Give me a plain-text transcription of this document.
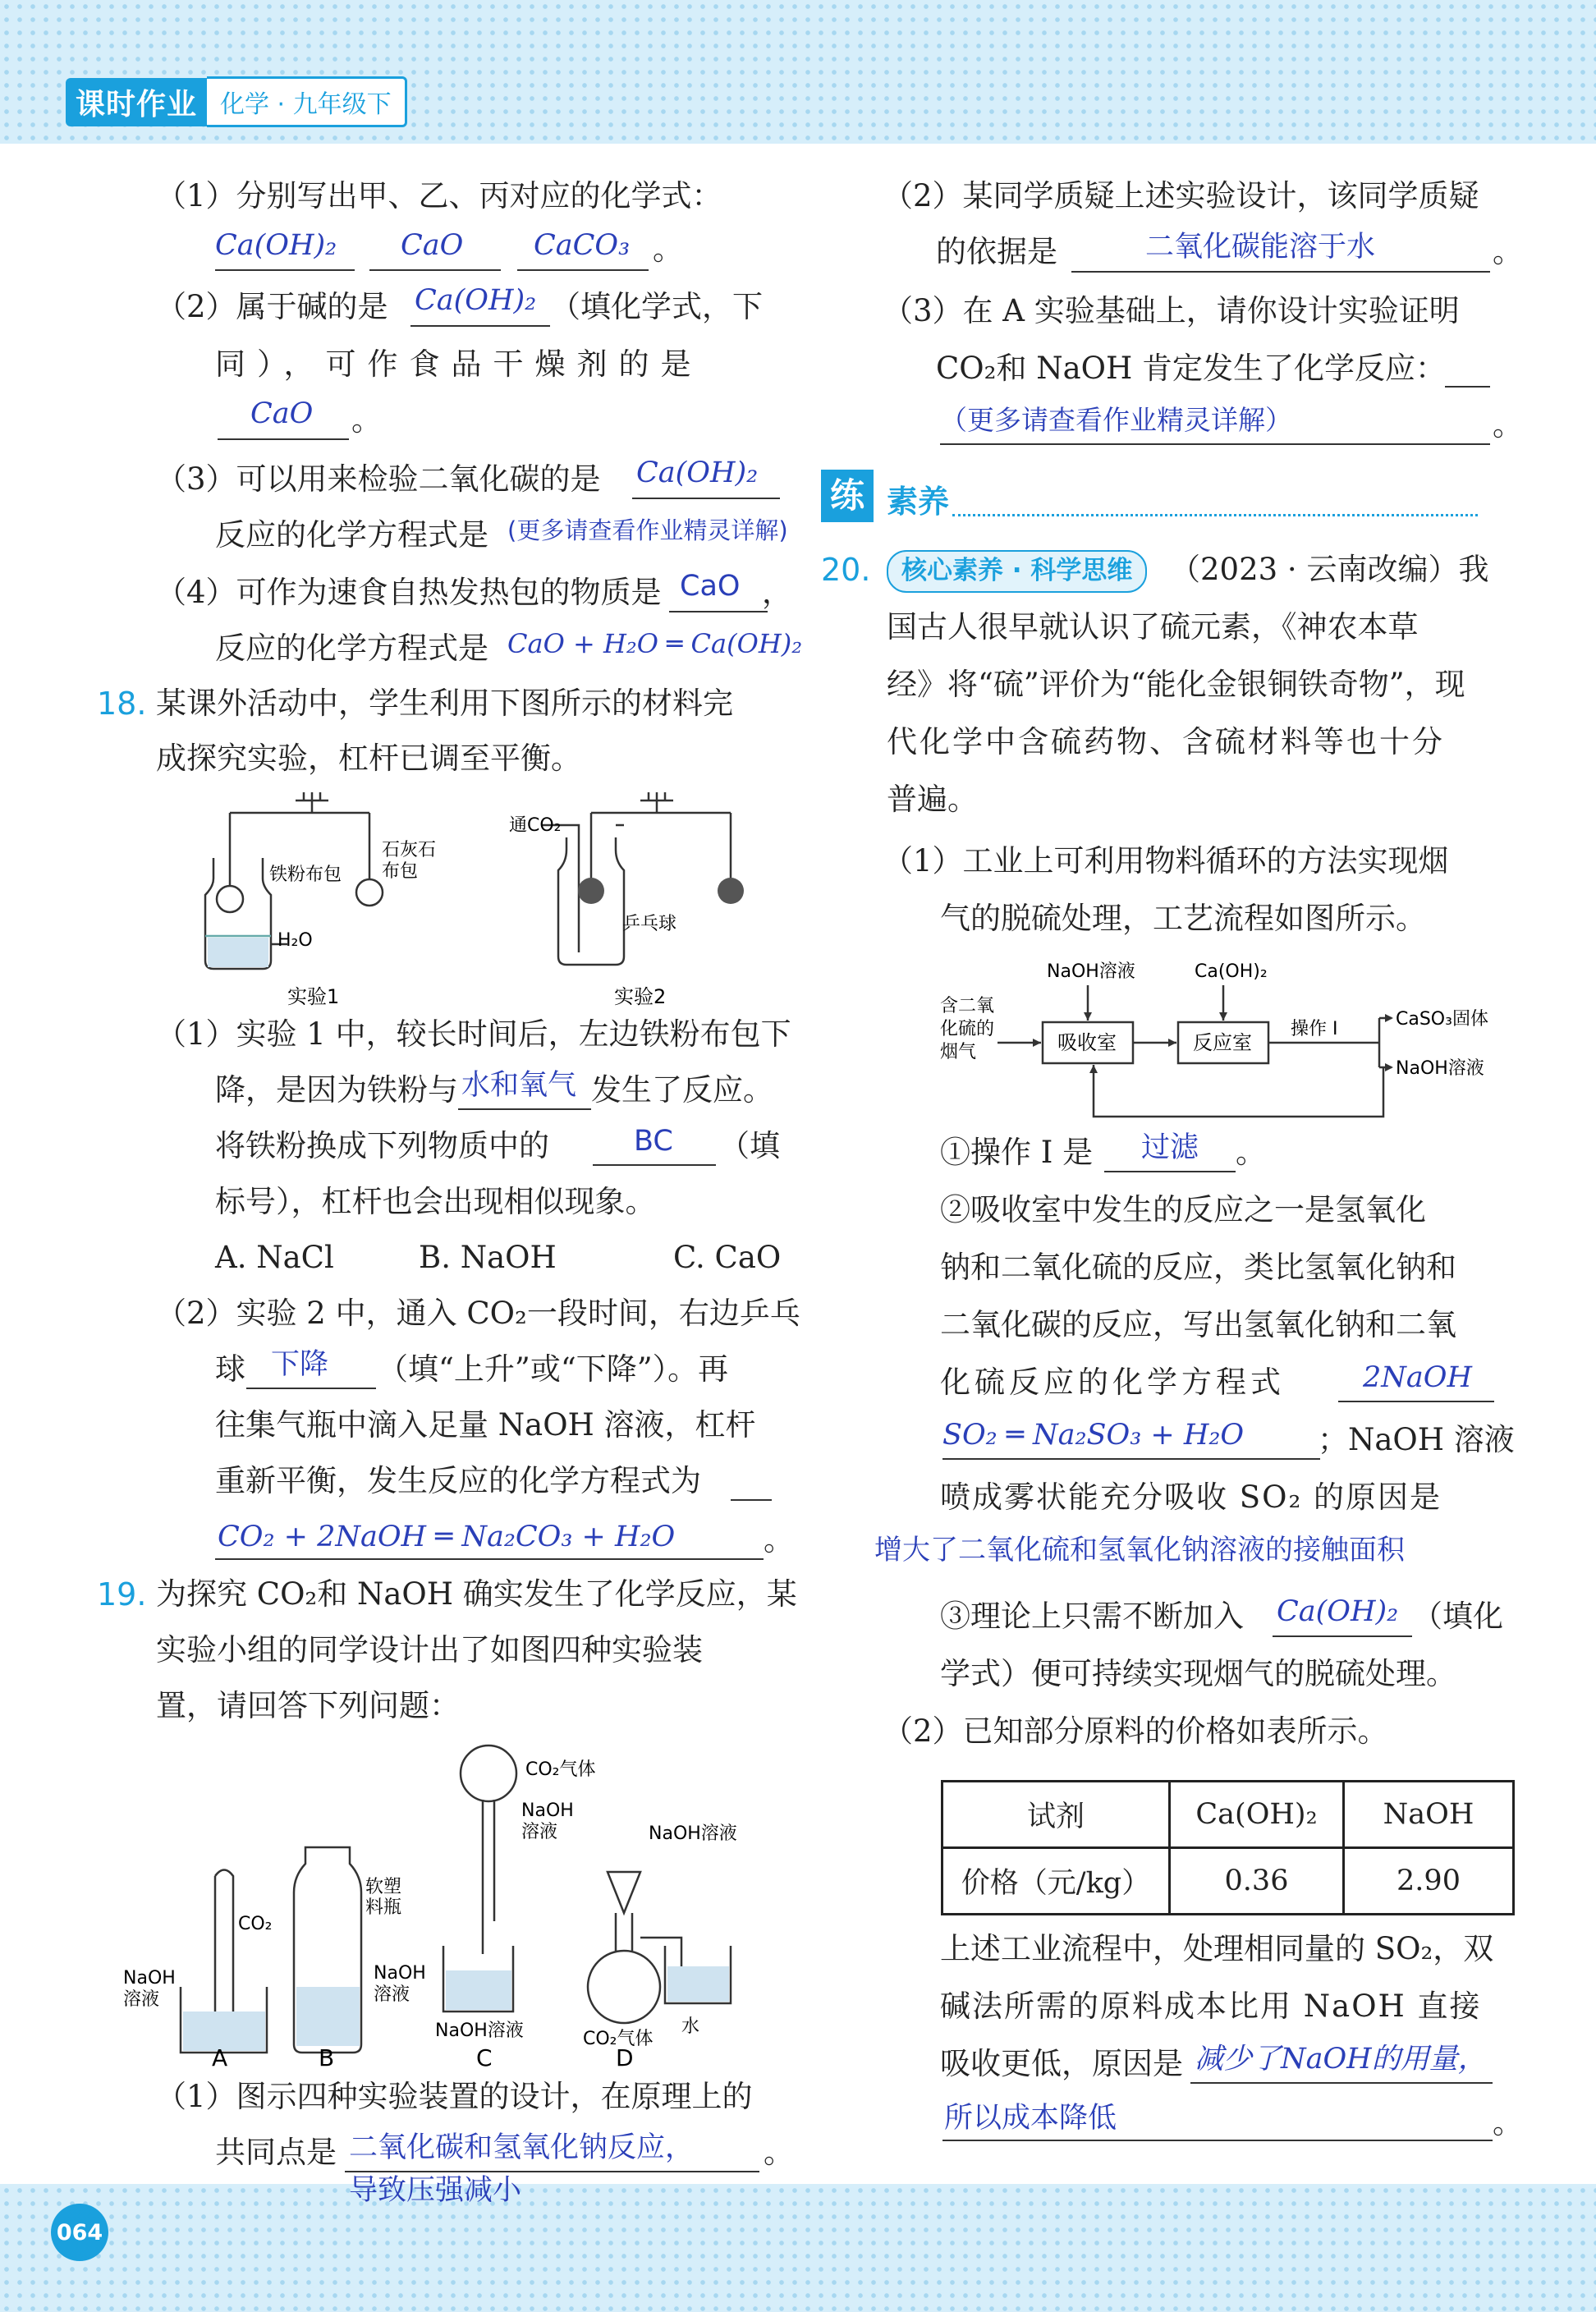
课时作业 化学 · 九年级下
064
（1）分别写出甲、乙、丙对应的化学式：
Ca(OH)₂ CaO CaCO₃ 。
（2）属于碱的是 Ca(OH)₂ （填化学式，下
同），可作食品干燥剂的是
CaO 。
（3）可以用来检验二氧化碳的是 Ca(OH)₂
反应的化学方程式是 (更多请查看作业精灵详解)
（4）可作为速食自热发热包的物质是 CaO ，
反应的化学方程式是 CaO + H₂O ═ Ca(OH)₂
18. 某课外活动中，学生利用下图所示的材料完
成探究实验，杠杆已调至平衡。
铁粉布包
石灰石
布包
H₂O
通CO₂
乒乓球
实验1	实验2
（1）实验 1 中，较长时间后，左边铁粉布包下
降，是因为铁粉与 水和氧气 发生了反应。
将铁粉换成下列物质中的	BC （填
标号），杠杆也会出现相似现象。
A. NaCl	B. NaOH	C. CaO
（2）实验 2 中，通入 CO₂一段时间，右边乒乓
球 下降 （填“上升”或“下降”）。再
往集气瓶中滴入足量 NaOH 溶液，杠杆
重新平衡，发生反应的化学方程式为
CO₂ + 2NaOH ═ Na₂CO₃ + H₂O	。
19. 为探究 CO₂和 NaOH 确实发生了化学反应，某
实验小组的同学设计出了如图四种实验装
置，请回答下列问题：
NaOH
溶液
CO₂
软塑
料瓶
NaOH
溶液
CO₂气体
NaOH
溶液
NaOH溶液
NaOH溶液
CO₂气体
水
A	B	C	D
（1）图示四种实验装置的设计，在原理上的
共同点是 二氧化碳和氢氧化钠反应， 。
导致压强减小
（2）某同学质疑上述实验设计，该同学质疑
的依据是	二氧化碳能溶于水	。
（3）在 A 实验基础上，请你设计实验证明
CO₂和 NaOH 肯定发生了化学反应：
（更多请查看作业精灵详解）	。
练 素养
20.	核心素养 · 科学思维	（2023 · 云南改编）我
国古人很早就认识了硫元素，《神农本草
经》将“硫”评价为“能化金银铜铁奇物”，现
代化学中含硫药物、含硫材料等也十分
普遍。
（1）工业上可利用物料循环的方法实现烟
气的脱硫处理，工艺流程如图所示。
NaOH溶液	Ca(OH)₂
含二氧
化硫的
烟气	吸收室	反应室
操作 I	CaSO₃固体
NaOH溶液
①操作 I 是 过滤 。
②吸收室中发生的反应之一是氢氧化
钠和二氧化硫的反应，类比氢氧化钠和
二氧化碳的反应，写出氢氧化钠和二氧
化硫反应的化学方程式	2NaOH
SO₂ ═ Na₂SO₃ + H₂O ；NaOH 溶液
喷成雾状能充分吸收 SO₂ 的原因是
增大了二氧化硫和氢氧化钠溶液的接触面积
③理论上只需不断加入 Ca(OH)₂ （填化
学式）便可持续实现烟气的脱硫处理。
（2）已知部分原料的价格如表所示。
试剂	Ca(OH)₂	NaOH
价格（元/kg）	0.36	2.90
上述工业流程中，处理相同量的 SO₂，双
碱法所需的原料成本比用 NaOH 直接
吸收更低，原因是 减少了NaOH的用量，
所以成本降低	。
